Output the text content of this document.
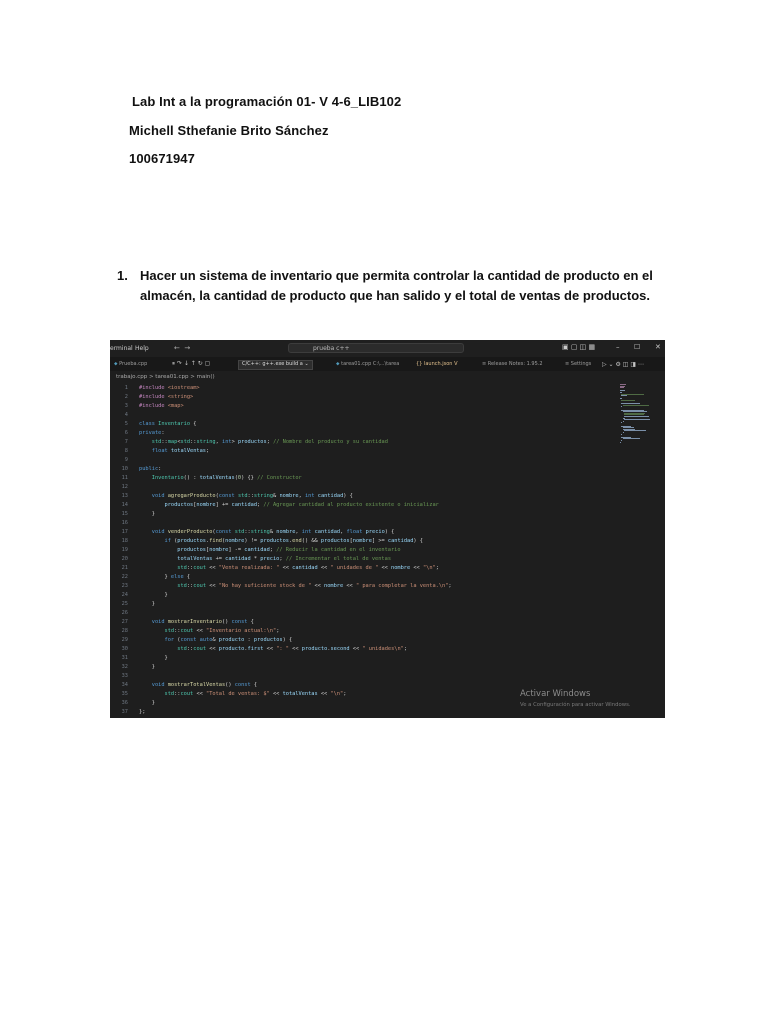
Lab Int a la programación 01- V 4-6_LIB102
Michell Sthefanie Brito Sánchez
100671947
1. Hacer un sistema de inventario que permita controlar la cantidad de producto en el almacén, la cantidad de producto que han salido y el total de ventas de productos.
erminal Help	←  →	prueba c++	▣ ▢ ◫ ▦	– ☐ ✕
⬥ Prueba.cpp	⏸ ↷ ↓ ↑ ↻ ▢	C/C++: g++.exe build a ⌄	⬥ tarea01.cpp C:\...\tarea	{} launch.json V	≡ Release Notes: 1.95.2	≡ Settings ▷ ⌄ ⚙ ◫ ◨ ⋯
trabajo.cpp > tarea01.cpp > main()
1 #include <iostream>
2 #include <string>
3 #include <map>
4
5 class Inventario {
6 private:
7	std::map<std::string, int> productos; // Nombre del producto y su cantidad
8	float totalVentas;
9
10 public:
11	Inventario() : totalVentas(0) {} // Constructor
12
13	void agregarProducto(const std::string& nombre, int cantidad) {
14	productos[nombre] += cantidad; // Agregar cantidad al producto existente o inicializar
15 }
16
17	void venderProducto(const std::string& nombre, int cantidad, float precio) {
18	if (productos.find(nombre) != productos.end() && productos[nombre] >= cantidad) {
19	productos[nombre] -= cantidad; // Reducir la cantidad en el inventario
20	totalVentas += cantidad * precio; // Incrementar el total de ventas
21	std::cout << "Venta realizada: " << cantidad << " unidades de " << nombre << "\n";
22 } else {
23	std::cout << "No hay suficiente stock de " << nombre << " para completar la venta.\n";
24 }
25 }
26
27	void mostrarInventario() const {
28	std::cout << "Inventario actual:\n";
29	for (const auto& producto : productos) {
30	std::cout << producto.first << ": " << producto.second << " unidades\n";
31 }
32 }
33
34	void mostrarTotalVentas() const {
35	std::cout << "Total de ventas: $" << totalVentas << "\n";
36 }
37 };
Activar Windows
Ve a Configuración para activar Windows.
